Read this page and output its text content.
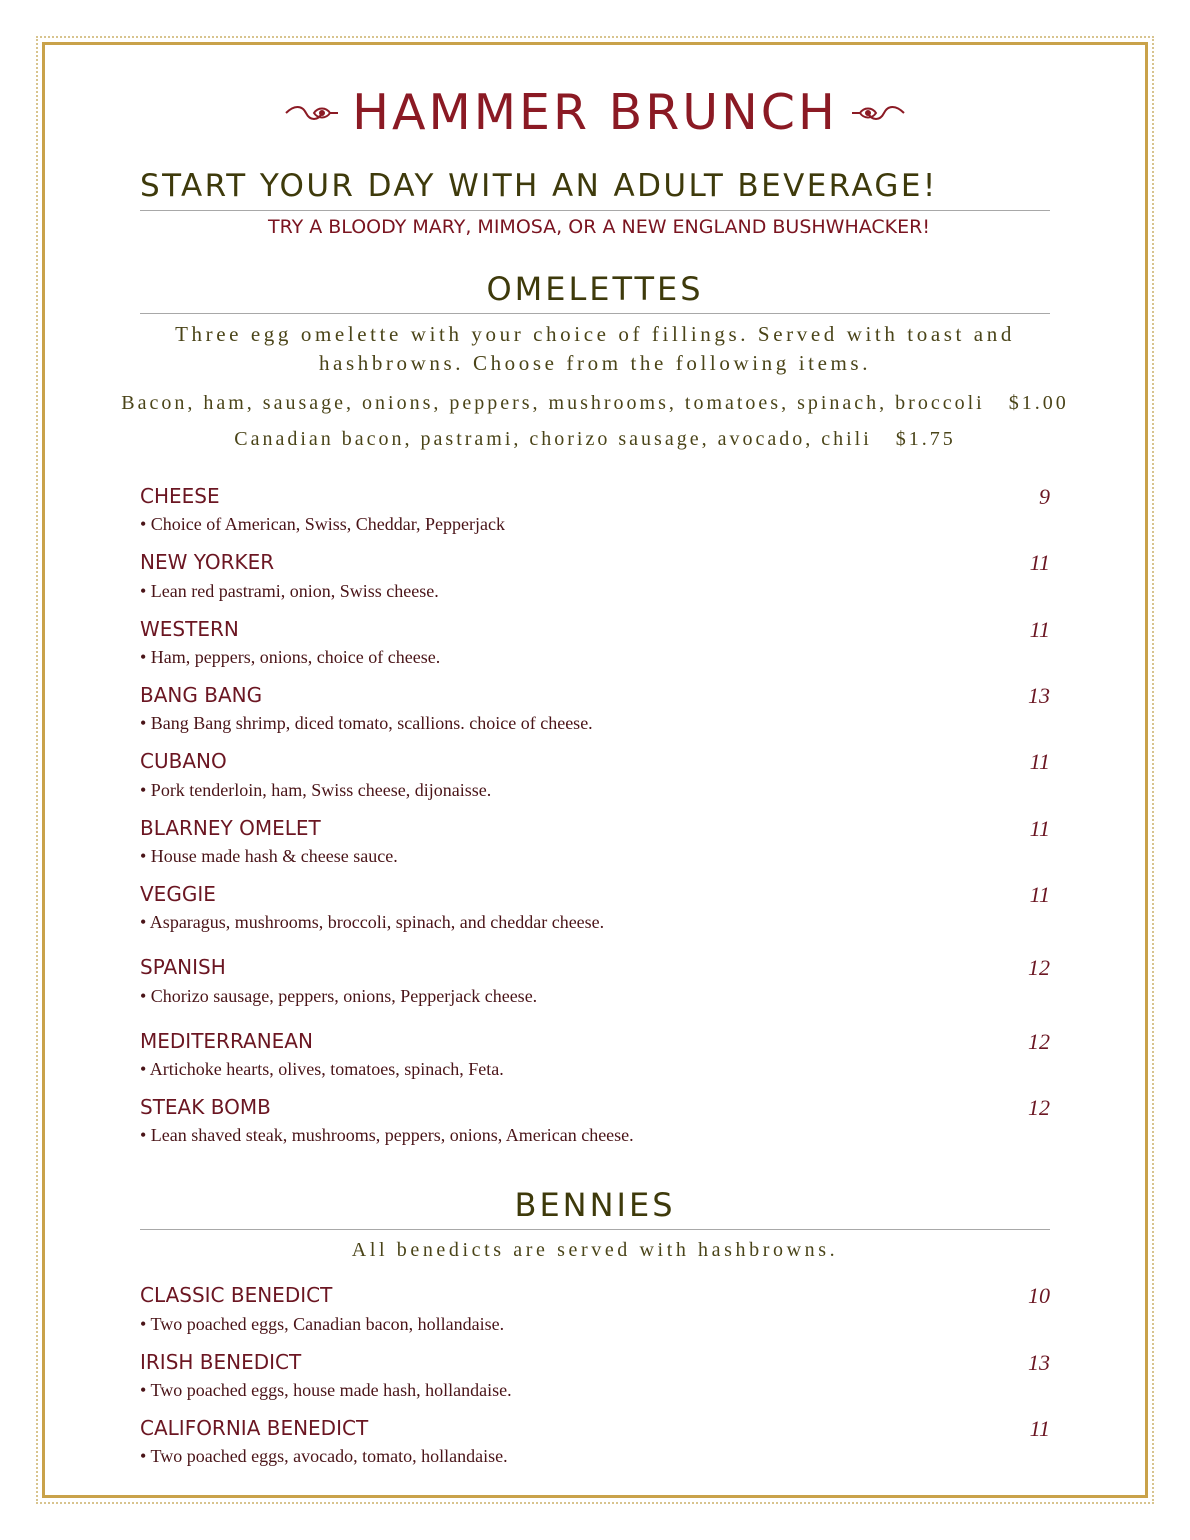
HAMMER BRUNCH
START YOUR DAY WITH AN ADULT BEVERAGE!
TRY A BLOODY MARY, MIMOSA, OR A NEW ENGLAND BUSHWHACKER!
OMELETTES
Three egg omelette with your choice of fillings. Served with toast and
hashbrowns. Choose from the following items.
Bacon, ham, sausage, onions, peppers, mushrooms, tomatoes, spinach, broccoli $1.00
Canadian bacon, pastrami, chorizo sausage, avocado, chili $1.75
CHEESE	9
• Choice of American, Swiss, Cheddar, Pepperjack
NEW YORKER	11
• Lean red pastrami, onion, Swiss cheese.
WESTERN	11
• Ham, peppers, onions, choice of cheese.
BANG BANG	13
• Bang Bang shrimp, diced tomato, scallions. choice of cheese.
CUBANO	11
• Pork tenderloin, ham, Swiss cheese, dijonaisse.
BLARNEY OMELET	11
• House made hash & cheese sauce.
VEGGIE	11
• Asparagus, mushrooms, broccoli, spinach, and cheddar cheese.
SPANISH	12
• Chorizo sausage, peppers, onions, Pepperjack cheese.
MEDITERRANEAN	12
• Artichoke hearts, olives, tomatoes, spinach, Feta.
STEAK BOMB	12
• Lean shaved steak, mushrooms, peppers, onions, American cheese.
BENNIES
All benedicts are served with hashbrowns.
CLASSIC BENEDICT	10
• Two poached eggs, Canadian bacon, hollandaise.
IRISH BENEDICT	13
• Two poached eggs, house made hash, hollandaise.
CALIFORNIA BENEDICT	11
• Two poached eggs, avocado, tomato, hollandaise.
